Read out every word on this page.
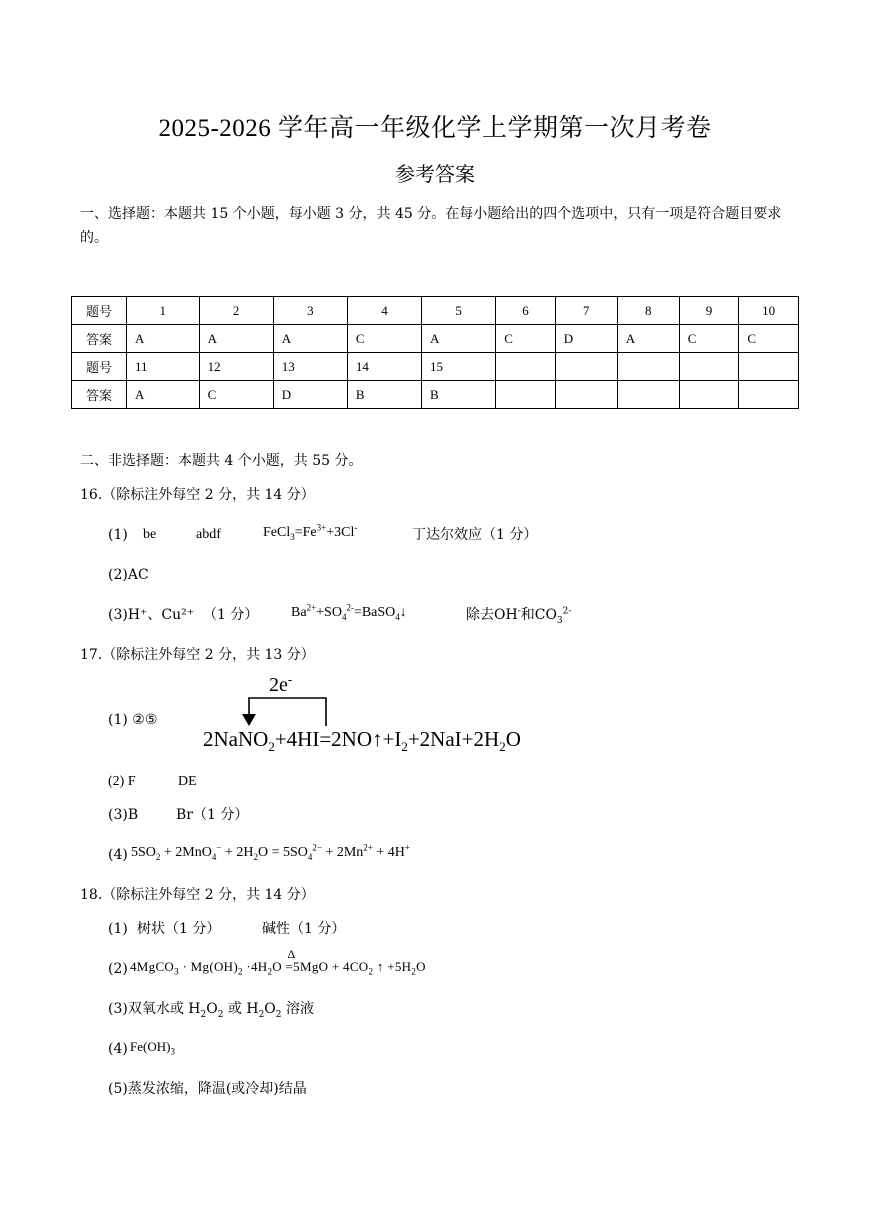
2025-2026 学年高一年级化学上学期第一次月考卷
参考答案
一、选择题：本题共 15 个小题，每小题 3 分，共 45 分。在每小题给出的四个选项中，只有一项是符合题目要求的。
题号	1	2	3	4	5	6	7	8	9	10
答案	A	A	A	C	A	C	D	A	C	C
题号	11	12	13	14	15					
答案	A	C	D	B	B					
二、非选择题：本题共 4 个小题，共 55 分。
16.（除标注外每空 2 分，共 14 分）
(1) be	abdf	$FeCl_3=Fe^{3+}+3Cl^-$	丁达尔效应（1 分）
(2)AC
(3)H⁺、Cu²⁺ （1 分） $Ba^{2+}+SO_4^{2-}=BaSO_4↓$	除去OH-和$CO_3^{2-}$
17.（除标注外每空 2 分，共 13 分）
2e-
(1) ②⑤
$2NaNO_2+4HI=2NO↑+I_2+2NaI+2H_2O$
(2) F	DE
(3)B	Br（1 分）
(4) $5SO_2 + 2MnO_4^- + 2H_2O = 5SO_4^{2-} + 2Mn^{2+} + 4H^+$
18.（除标注外每空 2 分，共 14 分）
(1) 树状（1 分）	碱性（1 分）
(2) 4MgCO$_3$ · $Mg(OH)_2 \cdot 4H_2O$
Δ
$=5MgO + 4CO_2$ ↑ $+5H_2O$
(3)双氧水或 $H_2O_2$ 或 $H_2O_2$ 溶液
(4) $Fe(OH)_3$
(5)蒸发浓缩，降温(或冷却)结晶
